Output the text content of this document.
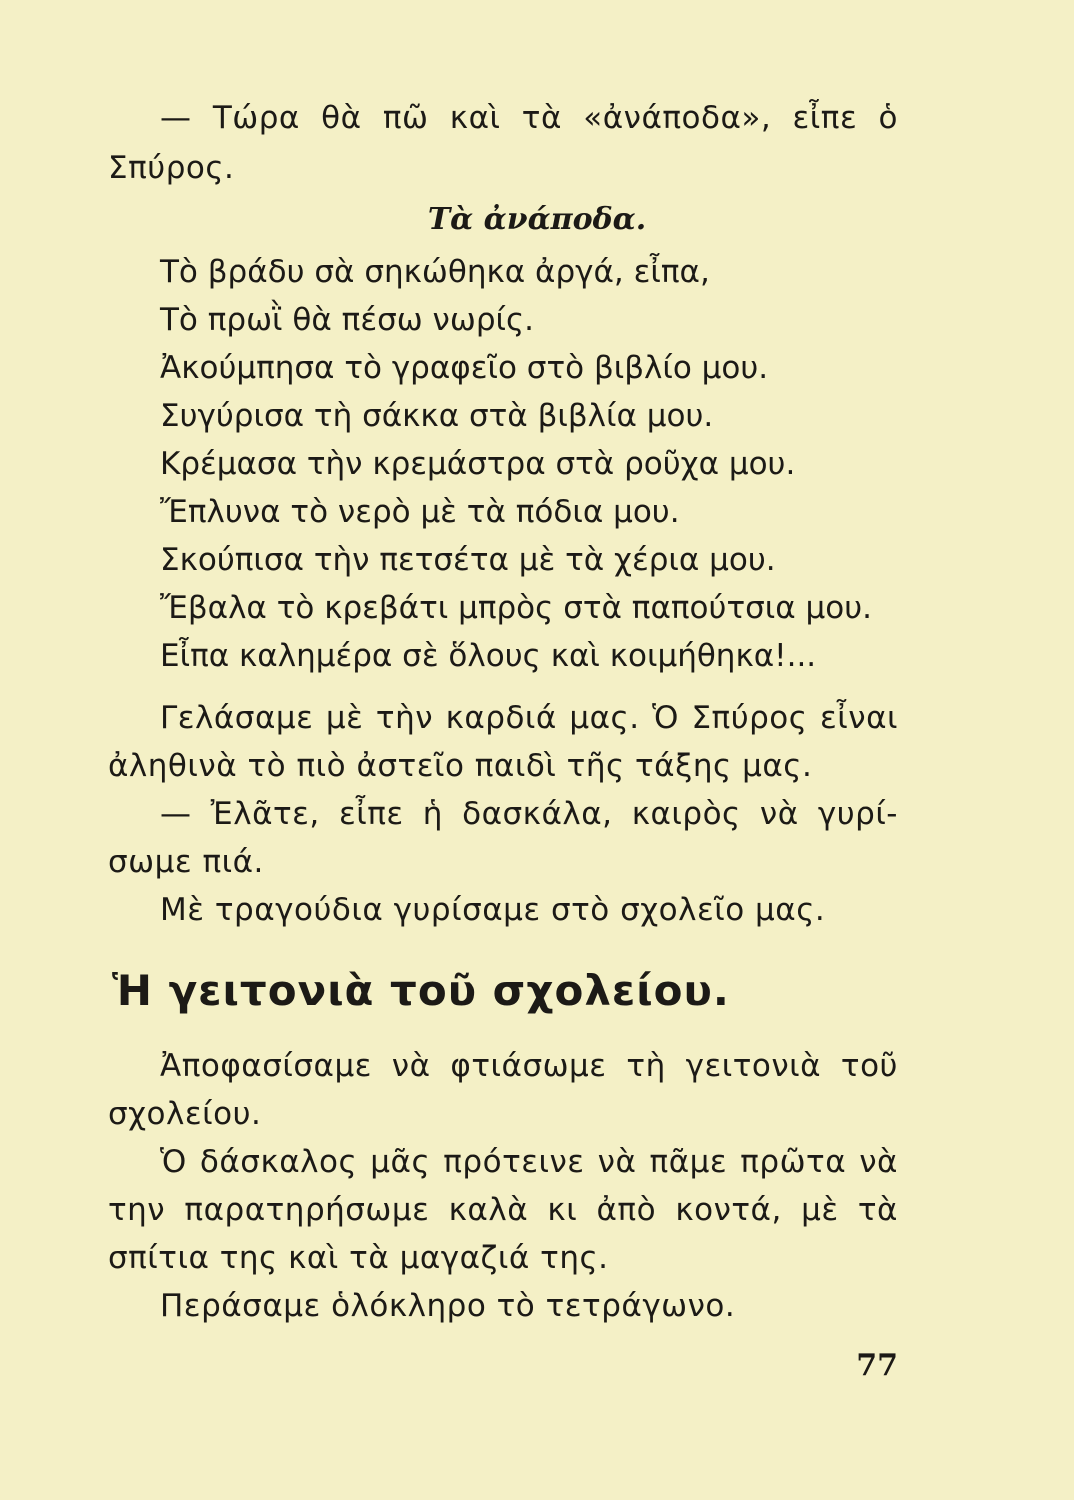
— Τώρα θὰ πῶ καὶ τὰ «ἀνάποδα», εἶπε ὁ
Σπύρος.
Τὰ ἀνάποδα.
Τὸ βράδυ σὰ σηκώθηκα ἀργά, εἶπα,
Τὸ πρωῒ θὰ πέσω νωρίς.
Ἀκούμπησα τὸ γραφεῖο στὸ βιβλίο μου.
Συγύρισα τὴ σάκκα στὰ βιβλία μου.
Κρέμασα τὴν κρεμάστρα στὰ ροῦχα μου.
Ἔπλυνα τὸ νερὸ μὲ τὰ πόδια μου.
Σκούπισα τὴν πετσέτα μὲ τὰ χέρια μου.
Ἔβαλα τὸ κρεβάτι μπρὸς στὰ παπούτσια μου.
Εἶπα καλημέρα σὲ ὅλους καὶ κοιμήθηκα!...
Γελάσαμε μὲ τὴν καρδιά μας. Ὁ Σπύρος εἶναι
ἀληθινὰ τὸ πιὸ ἀστεῖο παιδὶ τῆς τάξης μας.
— Ἐλᾶτε, εἶπε ἡ δασκάλα, καιρὸς νὰ γυρί-
σωμε πιά.
Μὲ τραγούδια γυρίσαμε στὸ σχολεῖο μας.
Ἡ γειτονιὰ τοῦ σχολείου.
Ἀποφασίσαμε νὰ φτιάσωμε τὴ γειτονιὰ τοῦ
σχολείου.
Ὁ δάσκαλος μᾶς πρότεινε νὰ πᾶμε πρῶτα νὰ
την παρατηρήσωμε καλὰ κι ἀπὸ κοντά, μὲ τὰ
σπίτια της καὶ τὰ μαγαζιά της.
Περάσαμε ὁλόκληρο τὸ τετράγωνο.
77
